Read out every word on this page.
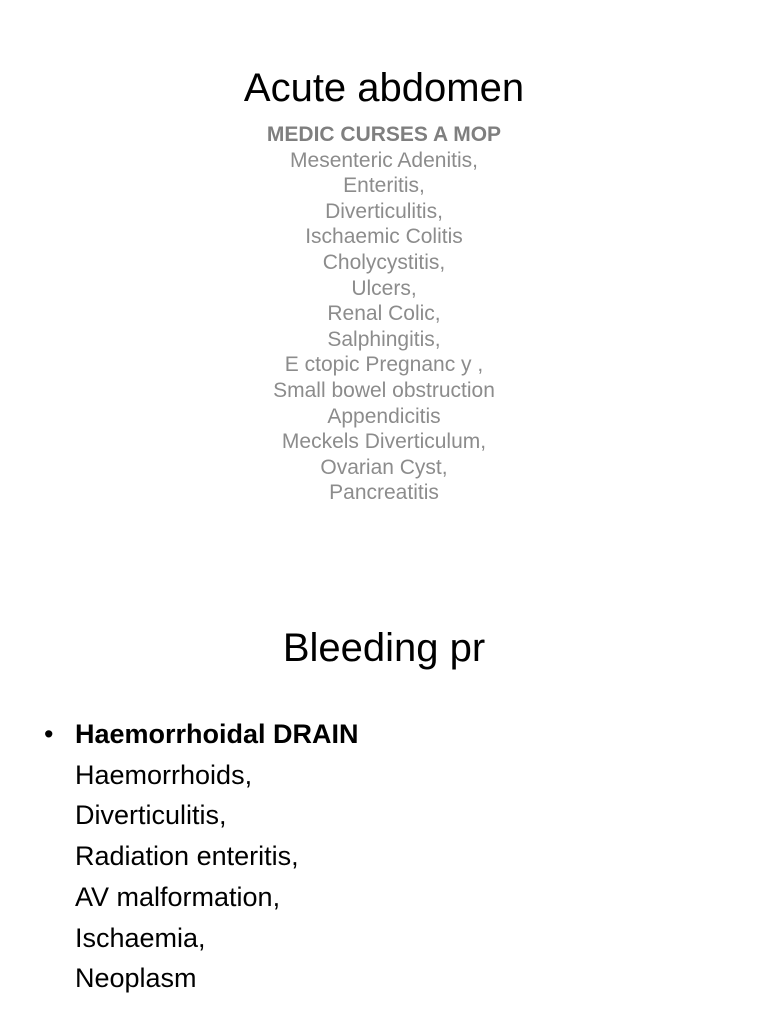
Acute abdomen
MEDIC CURSES A MOP
Mesenteric Adenitis,
Enteritis,
Diverticulitis,
Ischaemic Colitis
Cholycystitis,
Ulcers,
Renal Colic,
Salphingitis,
E ctopic Pregnanc y ,
Small bowel obstruction
Appendicitis
Meckels Diverticulum,
Ovarian Cyst,
Pancreatitis
Bleeding pr
• Haemorrhoidal DRAIN
Haemorrhoids,
Diverticulitis,
Radiation enteritis,
AV malformation,
Ischaemia,
Neoplasm
